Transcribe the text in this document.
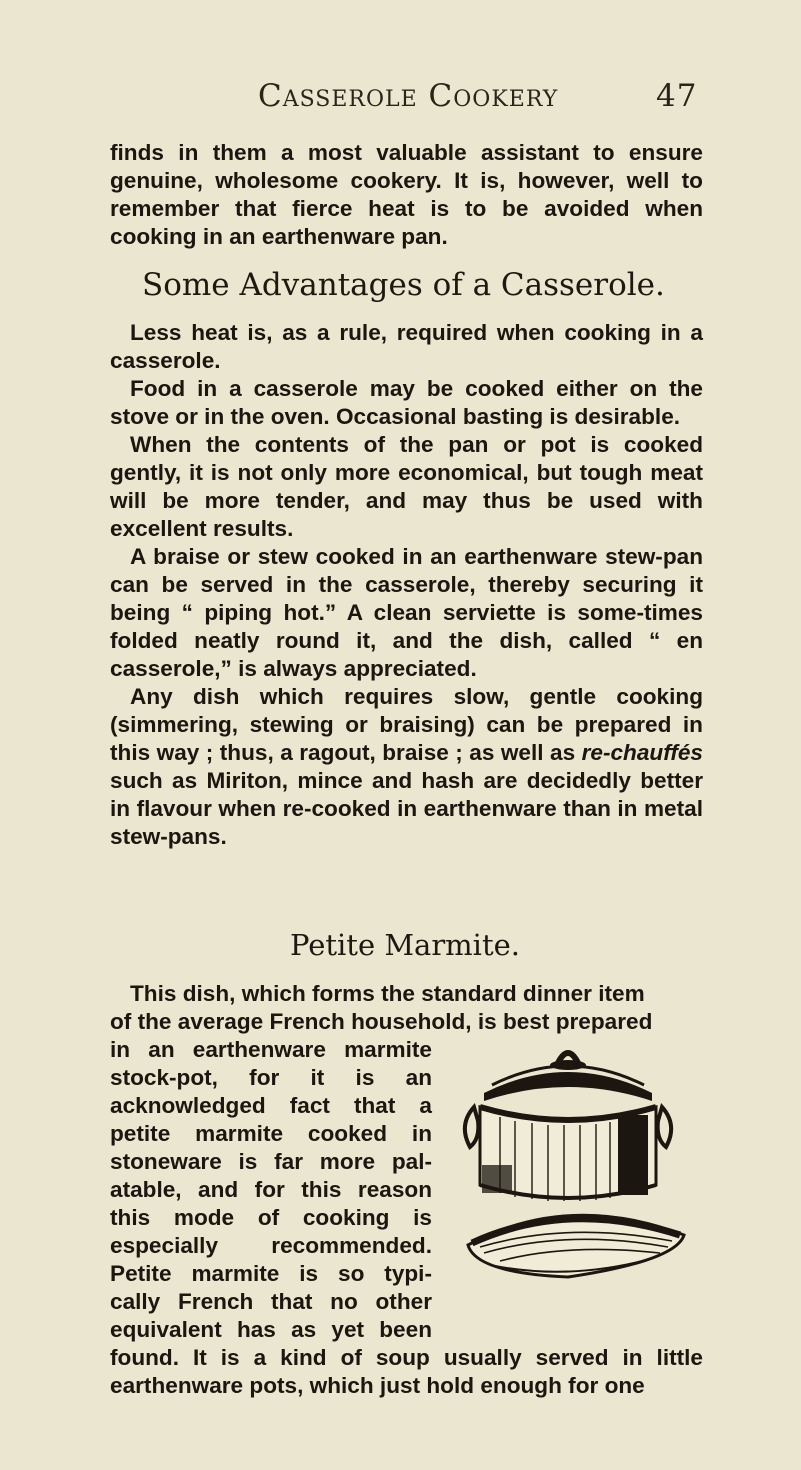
Casserole Cookery	47

finds in them a most valuable assistant to ensure genuine, wholesome cookery. It is, however, well to remember that fierce heat is to be avoided when cooking in an earthenware pan.

Some Advantages of a Casserole.

Less heat is, as a rule, required when cooking in a casserole.

Food in a casserole may be cooked either on the stove or in the oven. Occasional basting is desirable.

When the contents of the pan or pot is cooked gently, it is not only more economical, but tough meat will be more tender, and may thus be used with excellent results.

A braise or stew cooked in an earthenware stew-pan can be served in the casserole, thereby securing it being “ piping hot.” A clean serviette is some-times folded neatly round it, and the dish, called “ en casserole,” is always appreciated.

Any dish which requires slow, gentle cooking (simmering, stewing or braising) can be prepared in this way ; thus, a ragout, braise ; as well as re-chauffés such as Miriton, mince and hash are decidedly better in flavour when re-cooked in earthenware than in metal stew-pans.

Petite Marmite.

This dish, which forms the standard dinner item

of the average French household, is best prepared

in an earthenware marmite
stock-pot, for it is an
acknowledged fact that a
petite marmite cooked in
stoneware is far more pal-
atable, and for this reason
this mode of cooking is
especially recommended.
Petite marmite is so typi-
cally French that no other
equivalent has as yet been

found. It is a kind of soup usually served in little earthenware pots, which just hold enough for one
